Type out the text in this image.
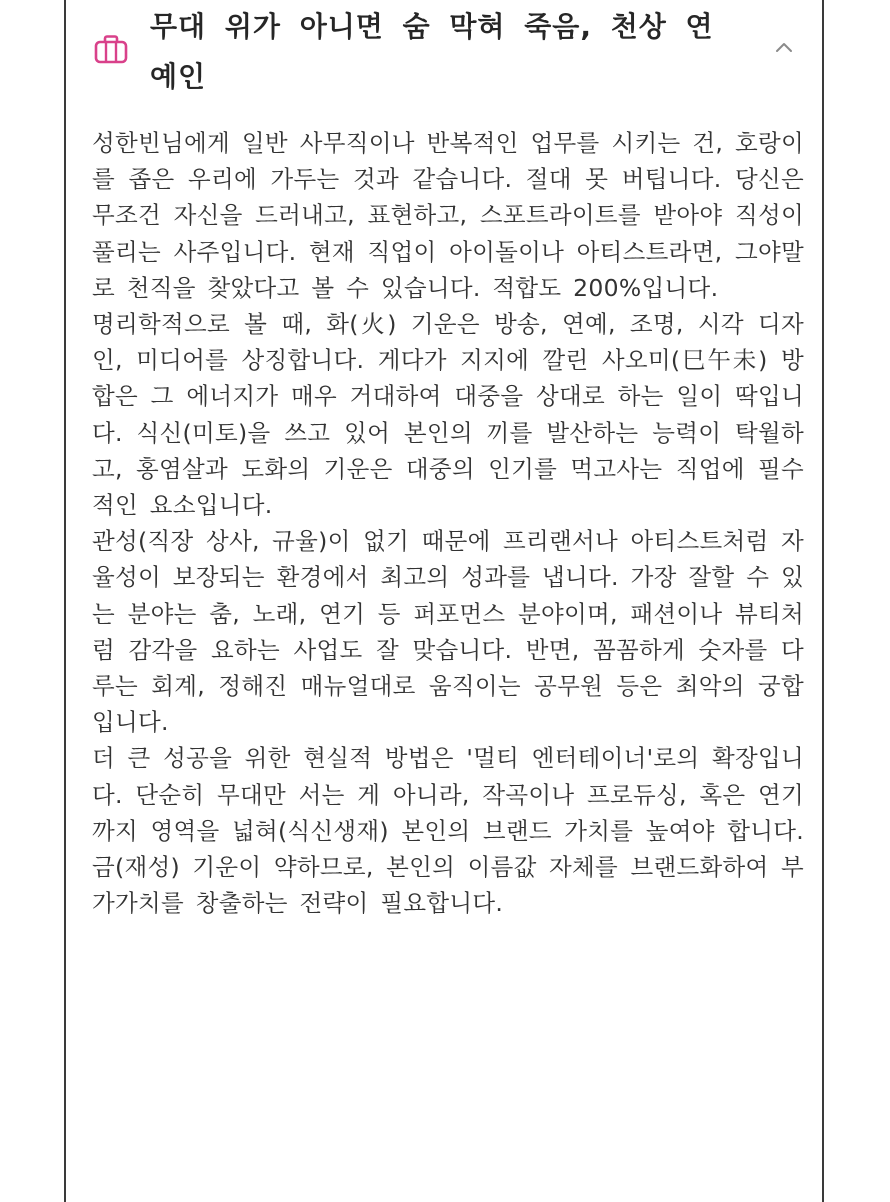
무대 위가 아니면 숨 막혀 죽음, 천상 연예인

성한빈님에게 일반 사무직이나 반복적인 업무를 시키는 건, 호랑이를 좁은 우리에 가두는 것과 같습니다. 절대 못 버팁니다. 당신은 무조건 자신을 드러내고, 표현하고, 스포트라이트를 받아야 직성이 풀리는 사주입니다. 현재 직업이 아이돌이나 아티스트라면, 그야말로 천직을 찾았다고 볼 수 있습니다. 적합도 200%입니다.

명리학적으로 볼 때, 화(火) 기운은 방송, 연예, 조명, 시각 디자인, 미디어를 상징합니다. 게다가 지지에 깔린 사오미(巳午未) 방합은 그 에너지가 매우 거대하여 대중을 상대로 하는 일이 딱입니다. 식신(미토)을 쓰고 있어 본인의 끼를 발산하는 능력이 탁월하고, 홍염살과 도화의 기운은 대중의 인기를 먹고사는 직업에 필수적인 요소입니다.

관성(직장 상사, 규율)이 없기 때문에 프리랜서나 아티스트처럼 자율성이 보장되는 환경에서 최고의 성과를 냅니다. 가장 잘할 수 있는 분야는 춤, 노래, 연기 등 퍼포먼스 분야이며, 패션이나 뷰티처럼 감각을 요하는 사업도 잘 맞습니다. 반면, 꼼꼼하게 숫자를 다루는 회계, 정해진 매뉴얼대로 움직이는 공무원 등은 최악의 궁합입니다.

더 큰 성공을 위한 현실적 방법은 '멀티 엔터테이너'로의 확장입니다. 단순히 무대만 서는 게 아니라, 작곡이나 프로듀싱, 혹은 연기까지 영역을 넓혀(식신생재) 본인의 브랜드 가치를 높여야 합니다. 금(재성) 기운이 약하므로, 본인의 이름값 자체를 브랜드화하여 부가가치를 창출하는 전략이 필요합니다.
